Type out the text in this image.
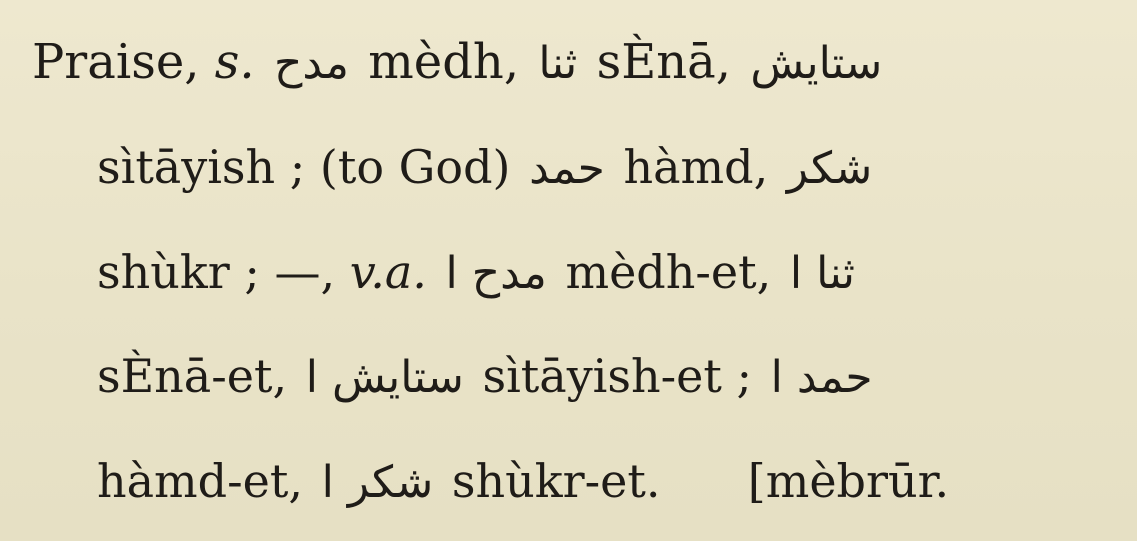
Praise, s. مدح mèdh, ثنا sÈnā, ستايش
sìtāyish ; (to God) حمد hàmd, شكر
shùkr ; —, v.a. مدح ا mèdh-et, ثنا ا
sÈnā-et, ستايش ا sìtāyish-et ; حمد ا
hàmd-et, شكر ا shùkr-et. [mèbrūr.
